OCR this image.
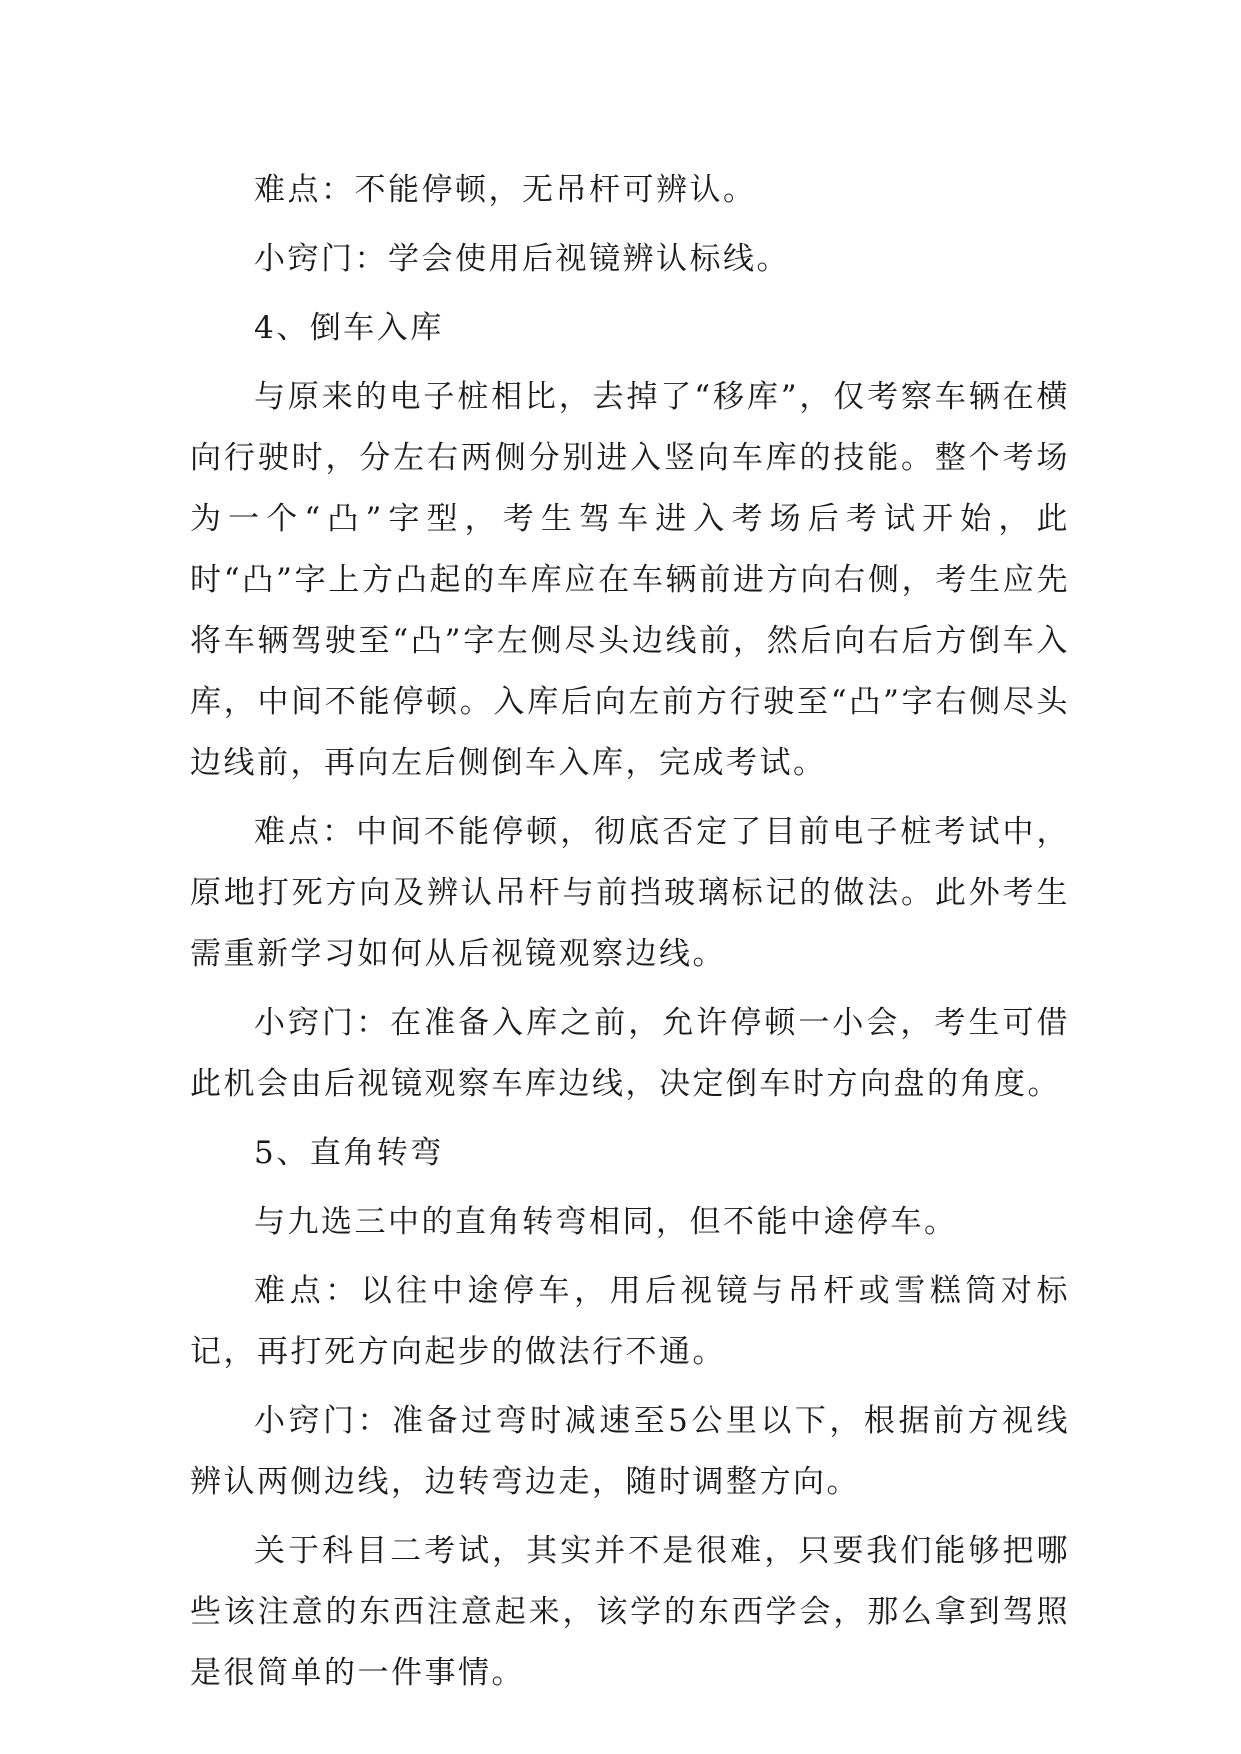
难点：不能停顿，无吊杆可辨认。

小窍门：学会使用后视镜辨认标线。

4、倒车入库

与原来的电子桩相比，去掉了“移库”，仅考察车辆在横向行驶时，分左右两侧分别进入竖向车库的技能。整个考场为一个“凸”字型，考生驾车进入考场后考试开始，此时“凸”字上方凸起的车库应在车辆前进方向右侧，考生应先将车辆驾驶至“凸”字左侧尽头边线前，然后向右后方倒车入库，中间不能停顿。入库后向左前方行驶至“凸”字右侧尽头边线前，再向左后侧倒车入库，完成考试。

难点：中间不能停顿，彻底否定了目前电子桩考试中，原地打死方向及辨认吊杆与前挡玻璃标记的做法。此外考生需重新学习如何从后视镜观察边线。

小窍门：在准备入库之前，允许停顿一小会，考生可借此机会由后视镜观察车库边线，决定倒车时方向盘的角度。

5、直角转弯

与九选三中的直角转弯相同，但不能中途停车。

难点：以往中途停车，用后视镜与吊杆或雪糕筒对标记，再打死方向起步的做法行不通。

小窍门：准备过弯时减速至5公里以下，根据前方视线辨认两侧边线，边转弯边走，随时调整方向。

关于科目二考试，其实并不是很难，只要我们能够把哪些该注意的东西注意起来，该学的东西学会，那么拿到驾照是很简单的一件事情。
